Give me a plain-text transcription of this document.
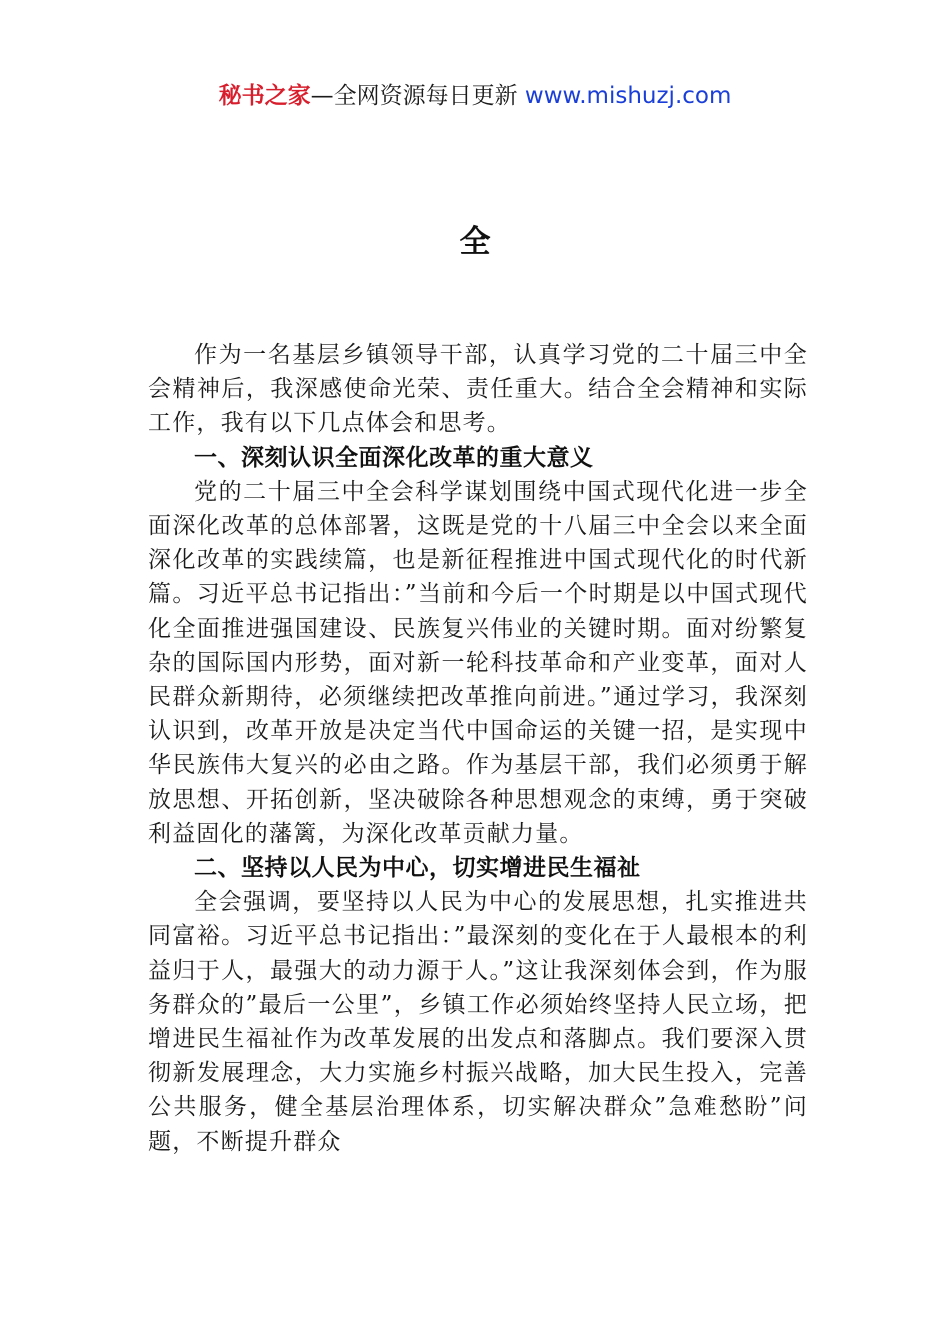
秘书之家—全网资源每日更新 www.mishuzj.com
全

作为一名基层乡镇领导干部，认真学习党的二十届三中全会精神后，我深感使命光荣、责任重大。结合全会精神和实际工作，我有以下几点体会和思考。

一、深刻认识全面深化改革的重大意义

党的二十届三中全会科学谋划围绕中国式现代化进一步全面深化改革的总体部署，这既是党的十八届三中全会以来全面深化改革的实践续篇，也是新征程推进中国式现代化的时代新篇。习近平总书记指出：”当前和今后一个时期是以中国式现代化全面推进强国建设、民族复兴伟业的关键时期。面对纷繁复杂的国际国内形势，面对新一轮科技革命和产业变革，面对人民群众新期待，必须继续把改革推向前进。”通过学习，我深刻认识到，改革开放是决定当代中国命运的关键一招，是实现中华民族伟大复兴的必由之路。作为基层干部，我们必须勇于解放思想、开拓创新，坚决破除各种思想观念的束缚，勇于突破利益固化的藩篱，为深化改革贡献力量。

二、坚持以人民为中心，切实增进民生福祉

全会强调，要坚持以人民为中心的发展思想，扎实推进共同富裕。习近平总书记指出：”最深刻的变化在于人最根本的利益归于人，最强大的动力源于人。”这让我深刻体会到，作为服务群众的”最后一公里”，乡镇工作必须始终坚持人民立场，把增进民生福祉作为改革发展的出发点和落脚点。我们要深入贯彻新发展理念，大力实施乡村振兴战略，加大民生投入，完善公共服务，健全基层治理体系，切实解决群众”急难愁盼”问题，不断提升群众
